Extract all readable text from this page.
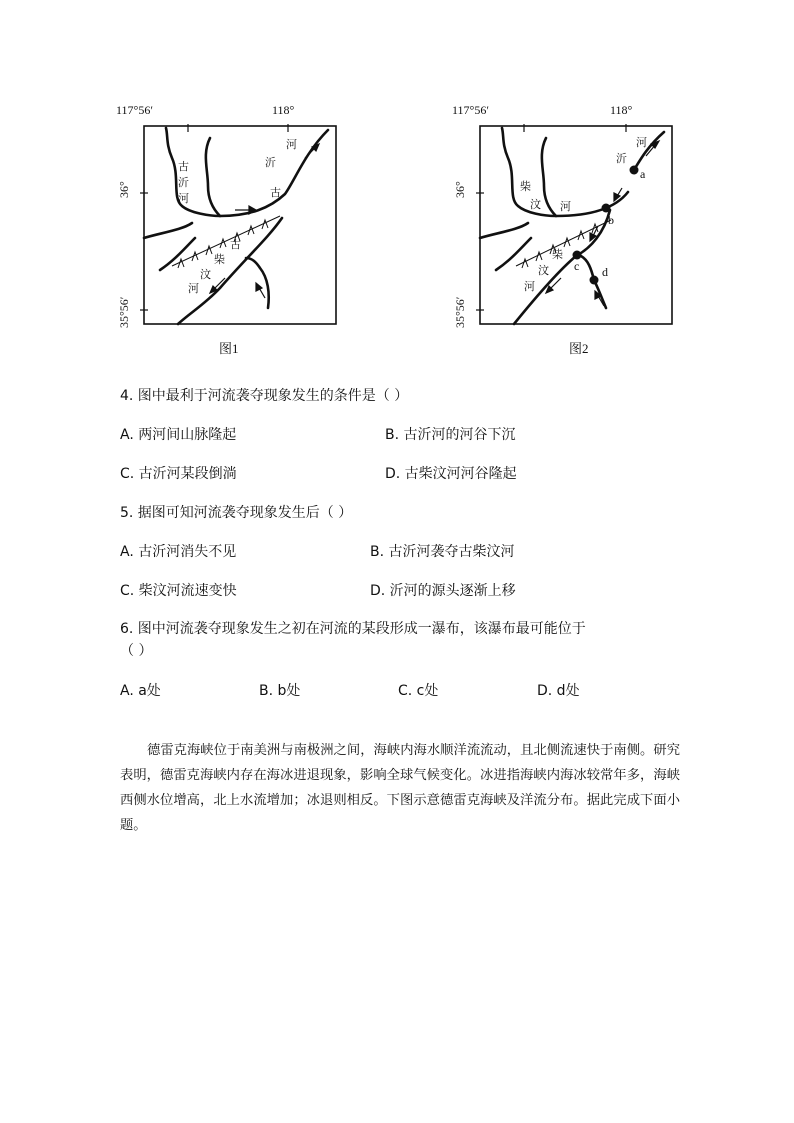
117°56′	118°
36°
35°56′
古
沂
河
沂
古
河
古
柴
汶
河
图1
117°56′	118°
36°
35°56′
a
b
c d
河
沂
柴
汶 河
柴
汶
河
图2
4. 图中最利于河流袭夺现象发生的条件是（ ）
A. 两河间山脉隆起	B. 古沂河的河谷下沉
C. 古沂河某段倒淌	D. 古柴汶河河谷隆起
5. 据图可知河流袭夺现象发生后（ ）
A. 古沂河消失不见	B. 古沂河袭夺古柴汶河
C. 柴汶河流速变快	D. 沂河的源头逐渐上移
6. 图中河流袭夺现象发生之初在河流的某段形成一瀑布，该瀑布最可能位于
（ ）
A. a处	B. b处	C. c处	D. d处

德雷克海峡位于南美洲与南极洲之间，海峡内海水顺洋流流动，且北侧流速快于南侧。研究表明，德雷克海峡内存在海冰进退现象，影响全球气候变化。冰进指海峡内海冰较常年多，海峡西侧水位增高，北上水流增加；冰退则相反。下图示意德雷克海峡及洋流分布。据此完成下面小题。
